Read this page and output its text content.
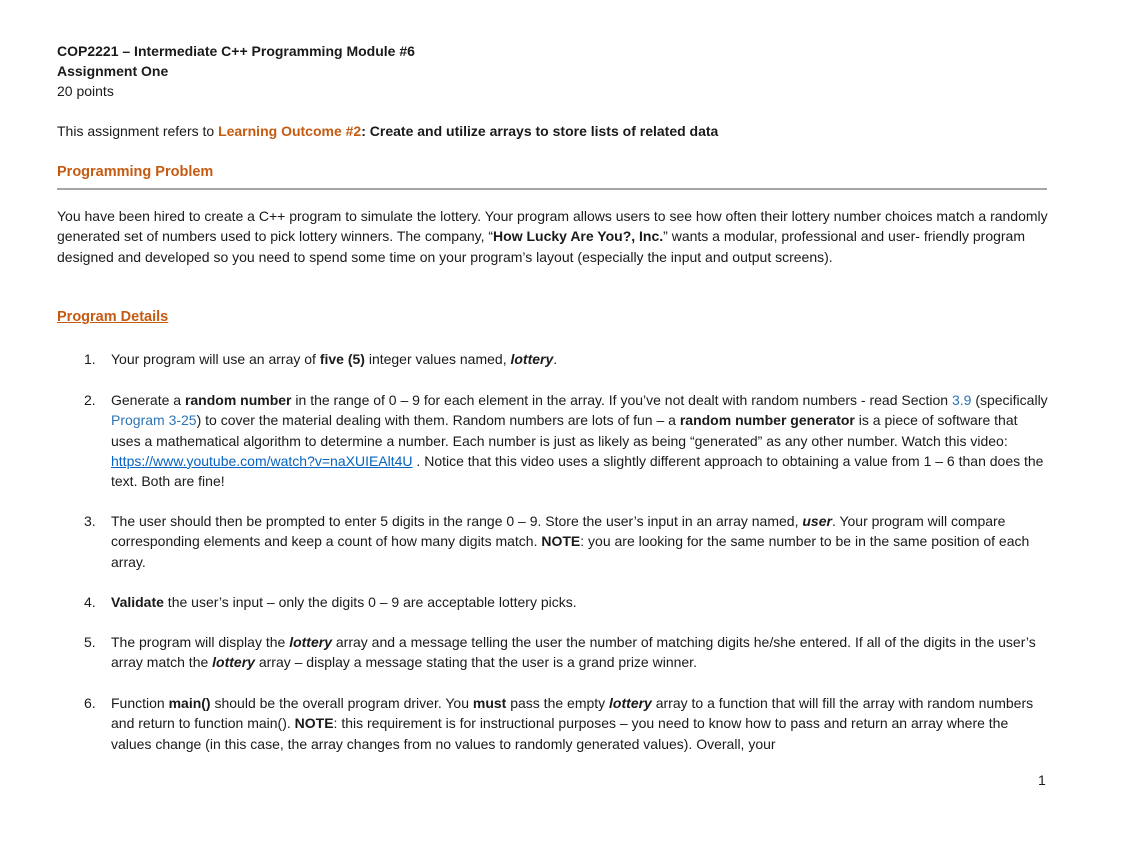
COP2221 – Intermediate C++ Programming Module #6
Assignment One
20 points
This assignment refers to Learning Outcome #2: Create and utilize arrays to store lists of related data
Programming Problem
You have been hired to create a C++ program to simulate the lottery. Your program allows users to see how often their lottery number choices match a randomly generated set of numbers used to pick lottery winners. The company, “How Lucky Are You?, Inc.” wants a modular, professional and user- friendly program designed and developed so you need to spend some time on your program’s layout (especially the input and output screens).
Program Details
1.	Your program will use an array of five (5) integer values named, lottery.
2.	Generate a random number in the range of 0 – 9 for each element in the array. If you’ve not dealt with random numbers - read Section 3.9 (specifically Program 3-25) to cover the material dealing with them. Random numbers are lots of fun – a random number generator is a piece of software that uses a mathematical algorithm to determine a number. Each number is just as likely as being “generated” as any other number. Watch this video: https://www.youtube.com/watch?v=naXUIEAlt4U . Notice that this video uses a slightly different approach to obtaining a value from 1 – 6 than does the text. Both are fine!
3.	The user should then be prompted to enter 5 digits in the range 0 – 9. Store the user’s input in an array named, user. Your program will compare corresponding elements and keep a count of how many digits match. NOTE: you are looking for the same number to be in the same position of each array.
4.	Validate the user’s input – only the digits 0 – 9 are acceptable lottery picks.
5.	The program will display the lottery array and a message telling the user the number of matching digits he/she entered. If all of the digits in the user’s array match the lottery array – display a message stating that the user is a grand prize winner.
6.	Function main() should be the overall program driver. You must pass the empty lottery array to a function that will fill the array with random numbers and return to function main(). NOTE: this requirement is for instructional purposes – you need to know how to pass and return an array where the values change (in this case, the array changes from no values to randomly generated values). Overall, your
1
